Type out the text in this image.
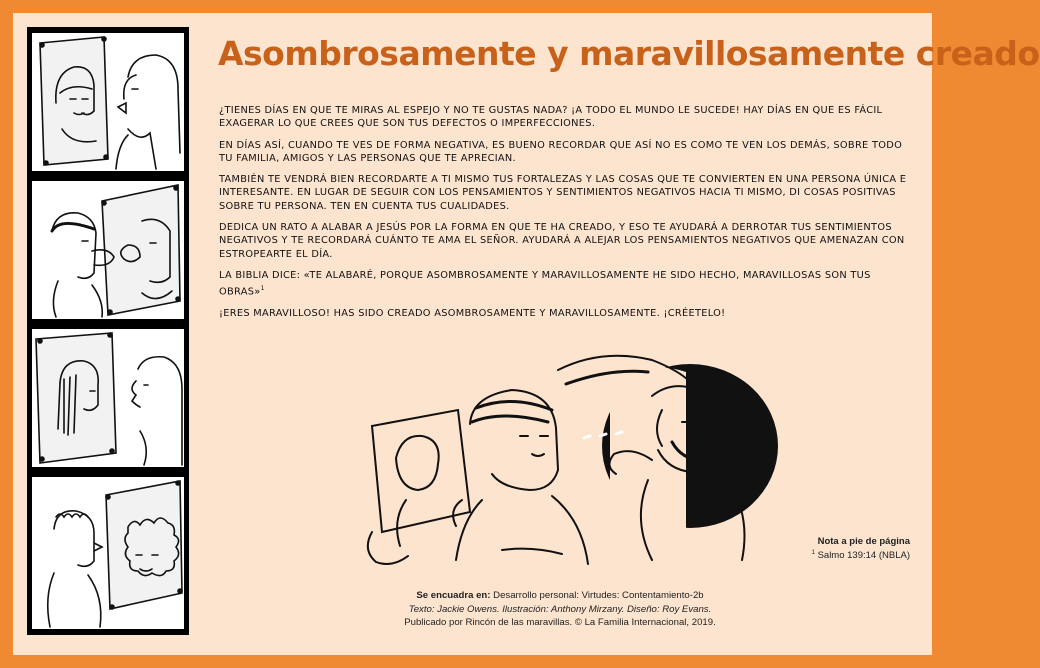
Asombrosamente y maravillosamente creado

¿TIENES DÍAS EN QUE TE MIRAS AL ESPEJO Y NO TE GUSTAS NADA? ¡A TODO EL MUNDO LE SUCEDE! HAY DÍAS EN QUE ES FÁCIL EXAGERAR LO QUE CREES QUE SON TUS DEFECTOS O IMPERFECCIONES.

EN DÍAS ASÍ, CUANDO TE VES DE FORMA NEGATIVA, ES BUENO RECORDAR QUE ASÍ NO ES COMO TE VEN LOS DEMÁS, SOBRE TODO TU FAMILIA, AMIGOS Y LAS PERSONAS QUE TE APRECIAN.

TAMBIÉN TE VENDRÁ BIEN RECORDARTE A TI MISMO TUS FORTALEZAS Y LAS COSAS QUE TE CONVIERTEN EN UNA PERSONA ÚNICA E INTERESANTE. EN LUGAR DE SEGUIR CON LOS PENSAMIENTOS Y SENTIMIENTOS NEGATIVOS HACIA TI MISMO, DI COSAS POSITIVAS SOBRE TU PERSONA. TEN EN CUENTA TUS CUALIDADES.

DEDICA UN RATO A ALABAR A JESÚS POR LA FORMA EN QUE TE HA CREADO, Y ESO TE AYUDARÁ A DERROTAR TUS SENTIMIENTOS NEGATIVOS Y TE RECORDARÁ CUÁNTO TE AMA EL SEÑOR. AYUDARÁ A ALEJAR LOS PENSAMIENTOS NEGATIVOS QUE AMENAZAN CON ESTROPEARTE EL DÍA.

LA BIBLIA DICE: «TE ALABARÉ, PORQUE ASOMBROSAMENTE Y MARAVILLOSAMENTE HE SIDO HECHO, MARAVILLOSAS SON TUS OBRAS»$^1$

¡ERES MARAVILLOSO! HAS SIDO CREADO ASOMBROSAMENTE Y MARAVILLOSAMENTE. ¡CRÉETELO!

Nota a pie de página
$^1$ Salmo 139:14 (NBLA)
Se encuadra en: Desarrollo personal: Virtudes: Contentamiento-2b
Texto: Jackie Owens. Ilustración: Anthony Mirzany. Diseño: Roy Evans.
Publicado por Rincón de las maravillas. © La Familia Internacional, 2019.
